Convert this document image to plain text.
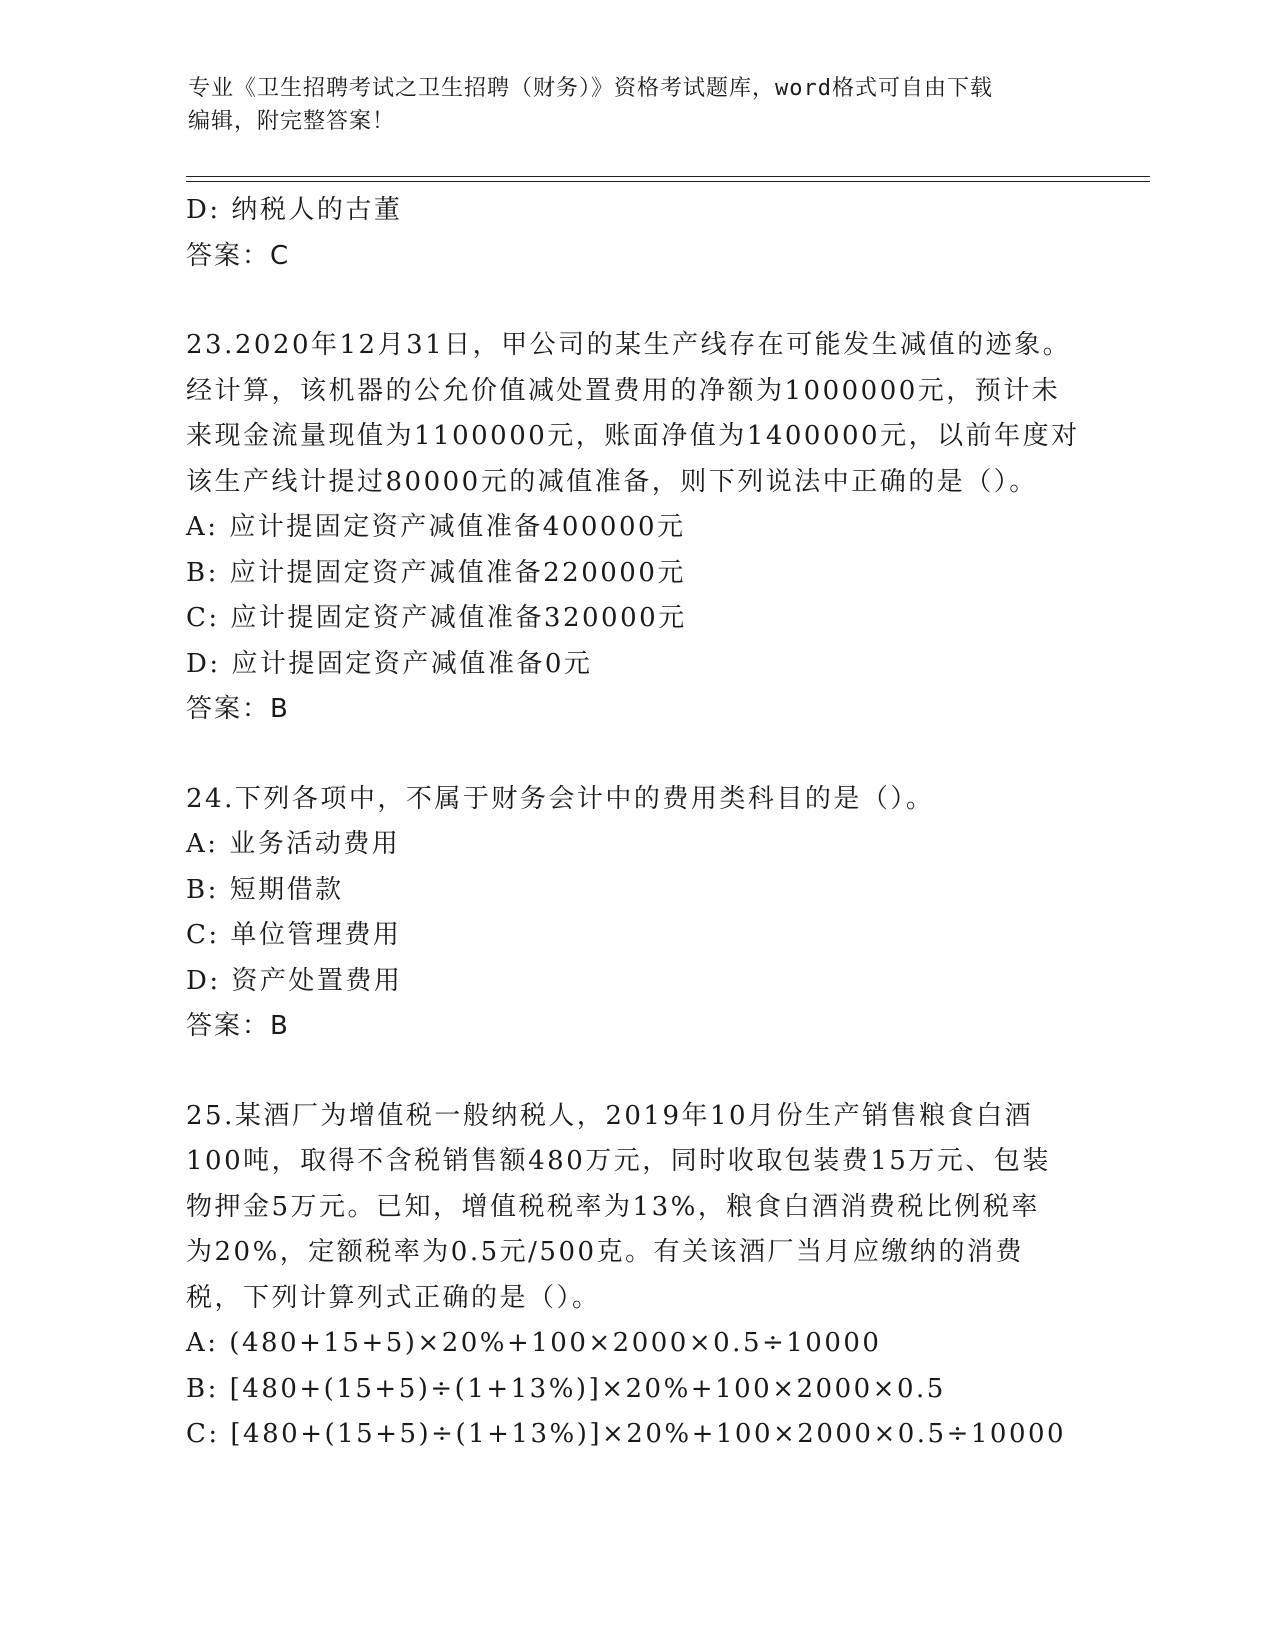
专业《卫生招聘考试之卫生招聘（财务）》资格考试题库，word格式可自由下载
编辑，附完整答案！
D: 纳税人的古董
答案：C
23.2020年12月31日，甲公司的某生产线存在可能发生减值的迹象。
经计算，该机器的公允价值减处置费用的净额为1000000元，预计未
来现金流量现值为1100000元，账面净值为1400000元，以前年度对
该生产线计提过80000元的减值准备，则下列说法中正确的是（）。
A: 应计提固定资产减值准备400000元
B: 应计提固定资产减值准备220000元
C: 应计提固定资产减值准备320000元
D: 应计提固定资产减值准备0元
答案：B
24.下列各项中，不属于财务会计中的费用类科目的是（）。
A: 业务活动费用
B: 短期借款
C: 单位管理费用
D: 资产处置费用
答案：B
25.某酒厂为增值税一般纳税人，2019年10月份生产销售粮食白酒
100吨，取得不含税销售额480万元，同时收取包装费15万元、包装
物押金5万元。已知，增值税税率为13%，粮食白酒消费税比例税率
为20%，定额税率为0.5元/500克。有关该酒厂当月应缴纳的消费
税，下列计算列式正确的是（）。
A: (480+15+5)×20%+100×2000×0.5÷10000
B: [480+(15+5)÷(1+13%)]×20%+100×2000×0.5
C: [480+(15+5)÷(1+13%)]×20%+100×2000×0.5÷10000
